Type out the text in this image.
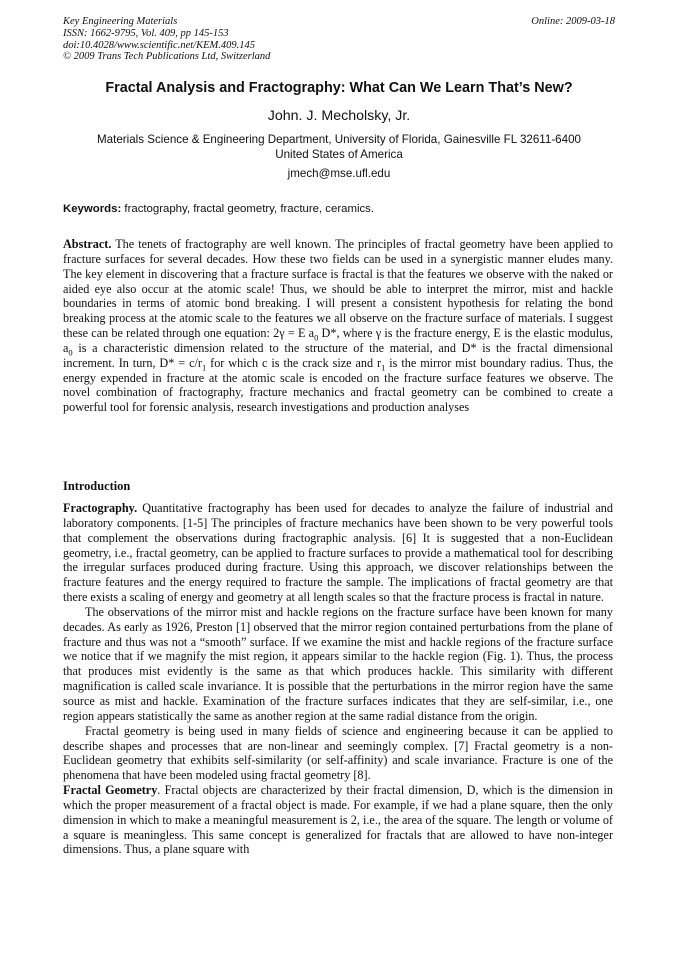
Key Engineering Materials
ISSN: 1662-9795, Vol. 409, pp 145-153
doi:10.4028/www.scientific.net/KEM.409.145
© 2009 Trans Tech Publications Ltd, Switzerland
Online: 2009-03-18
Fractal Analysis and Fractography: What Can We Learn That’s New?
John. J. Mecholsky, Jr.
Materials Science & Engineering Department, University of Florida, Gainesville FL 32611-6400
United States of America
jmech@mse.ufl.edu
Keywords: fractography, fractal geometry, fracture, ceramics.
Abstract. The tenets of fractography are well known. The principles of fractal geometry have been applied to fracture surfaces for several decades. How these two fields can be used in a synergistic manner eludes many. The key element in discovering that a fracture surface is fractal is that the features we observe with the naked or aided eye also occur at the atomic scale! Thus, we should be able to interpret the mirror, mist and hackle boundaries in terms of atomic bond breaking. I will present a consistent hypothesis for relating the bond breaking process at the atomic scale to the features we all observe on the fracture surface of materials. I suggest these can be related through one equation: 2γ = E $a_0$ D*, where γ is the fracture energy, E is the elastic modulus, $a_0$ is a characteristic dimension related to the structure of the material, and D* is the fractal dimensional increment. In turn, $D* = c/r_1$ for which c is the crack size and $r_1$ is the mirror mist boundary radius. Thus, the energy expended in fracture at the atomic scale is encoded on the fracture surface features we observe. The novel combination of fractography, fracture mechanics and fractal geometry can be combined to create a powerful tool for forensic analysis, research investigations and production analyses
Introduction

Fractography. Quantitative fractography has been used for decades to analyze the failure of industrial and laboratory components. [1-5] The principles of fracture mechanics have been shown to be very powerful tools that complement the observations during fractographic analysis. [6] It is suggested that a non-Euclidean geometry, i.e., fractal geometry, can be applied to fracture surfaces to provide a mathematical tool for describing the irregular surfaces produced during fracture. Using this approach, we discover relationships between the fracture features and the energy required to fracture the sample. The implications of fractal geometry are that there exists a scaling of energy and geometry at all length scales so that the fracture process is fractal in nature.

The observations of the mirror mist and hackle regions on the fracture surface have been known for many decades. As early as 1926, Preston [1] observed that the mirror region contained perturbations from the plane of fracture and thus was not a “smooth” surface. If we examine the mist and hackle regions of the fracture surface we notice that if we magnify the mist region, it appears similar to the hackle region (Fig. 1). Thus, the process that produces mist evidently is the same as that which produces hackle. This similarity with different magnification is called scale invariance. It is possible that the perturbations in the mirror region have the same source as mist and hackle. Examination of the fracture surfaces indicates that they are self-similar, i.e., one region appears statistically the same as another region at the same radial distance from the origin.

Fractal geometry is being used in many fields of science and engineering because it can be applied to describe shapes and processes that are non-linear and seemingly complex. [7] Fractal geometry is a non-Euclidean geometry that exhibits self-similarity (or self-affinity) and scale invariance. Fracture is one of the phenomena that have been modeled using fractal geometry [8].

Fractal Geometry. Fractal objects are characterized by their fractal dimension, D, which is the dimension in which the proper measurement of a fractal object is made. For example, if we had a plane square, then the only dimension in which to make a meaningful measurement is 2, i.e., the area of the square. The length or volume of a square is meaningless. This same concept is generalized for fractals that are allowed to have non-integer dimensions. Thus, a plane square with
